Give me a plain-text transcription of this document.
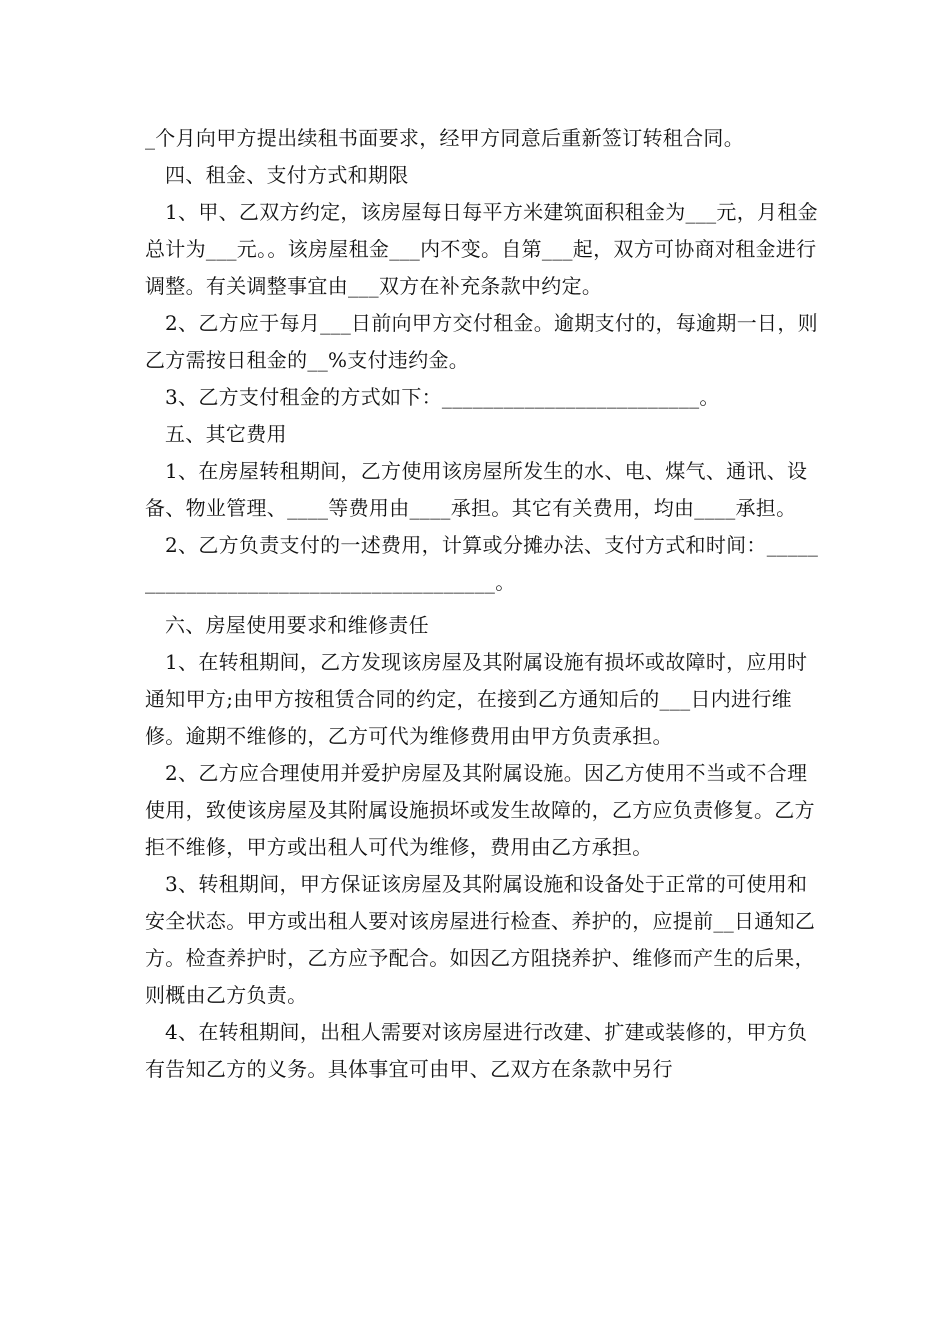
_个月向甲方提出续租书面要求，经甲方同意后重新签订转租合同。

四、租金、支付方式和期限

1、甲、乙双方约定，该房屋每日每平方米建筑面积租金为___元，月租金总计为___元。。该房屋租金___内不变。自第___起，双方可协商对租金进行调整。有关调整事宜由___双方在补充条款中约定。

2、乙方应于每月___日前向甲方交付租金。逾期支付的，每逾期一日，则乙方需按日租金的__%支付违约金。

3、乙方支付租金的方式如下：_________________________。

五、其它费用

1、在房屋转租期间，乙方使用该房屋所发生的水、电、煤气、通讯、设备、物业管理、____等费用由____承担。其它有关费用，均由____承担。

2、乙方负责支付的一述费用，计算或分摊办法、支付方式和时间：_______________________________________。

六、房屋使用要求和维修责任

1、在转租期间，乙方发现该房屋及其附属设施有损坏或故障时，应用时通知甲方;由甲方按租赁合同的约定，在接到乙方通知后的___日内进行维修。逾期不维修的，乙方可代为维修费用由甲方负责承担。

2、乙方应合理使用并爱护房屋及其附属设施。因乙方使用不当或不合理使用，致使该房屋及其附属设施损坏或发生故障的，乙方应负责修复。乙方拒不维修，甲方或出租人可代为维修，费用由乙方承担。

3、转租期间，甲方保证该房屋及其附属设施和设备处于正常的可使用和安全状态。甲方或出租人要对该房屋进行检查、养护的，应提前__日通知乙方。检查养护时，乙方应予配合。如因乙方阻挠养护、维修而产生的后果，则概由乙方负责。

4、在转租期间，出租人需要对该房屋进行改建、扩建或装修的，甲方负有告知乙方的义务。具体事宜可由甲、乙双方在条款中另行
